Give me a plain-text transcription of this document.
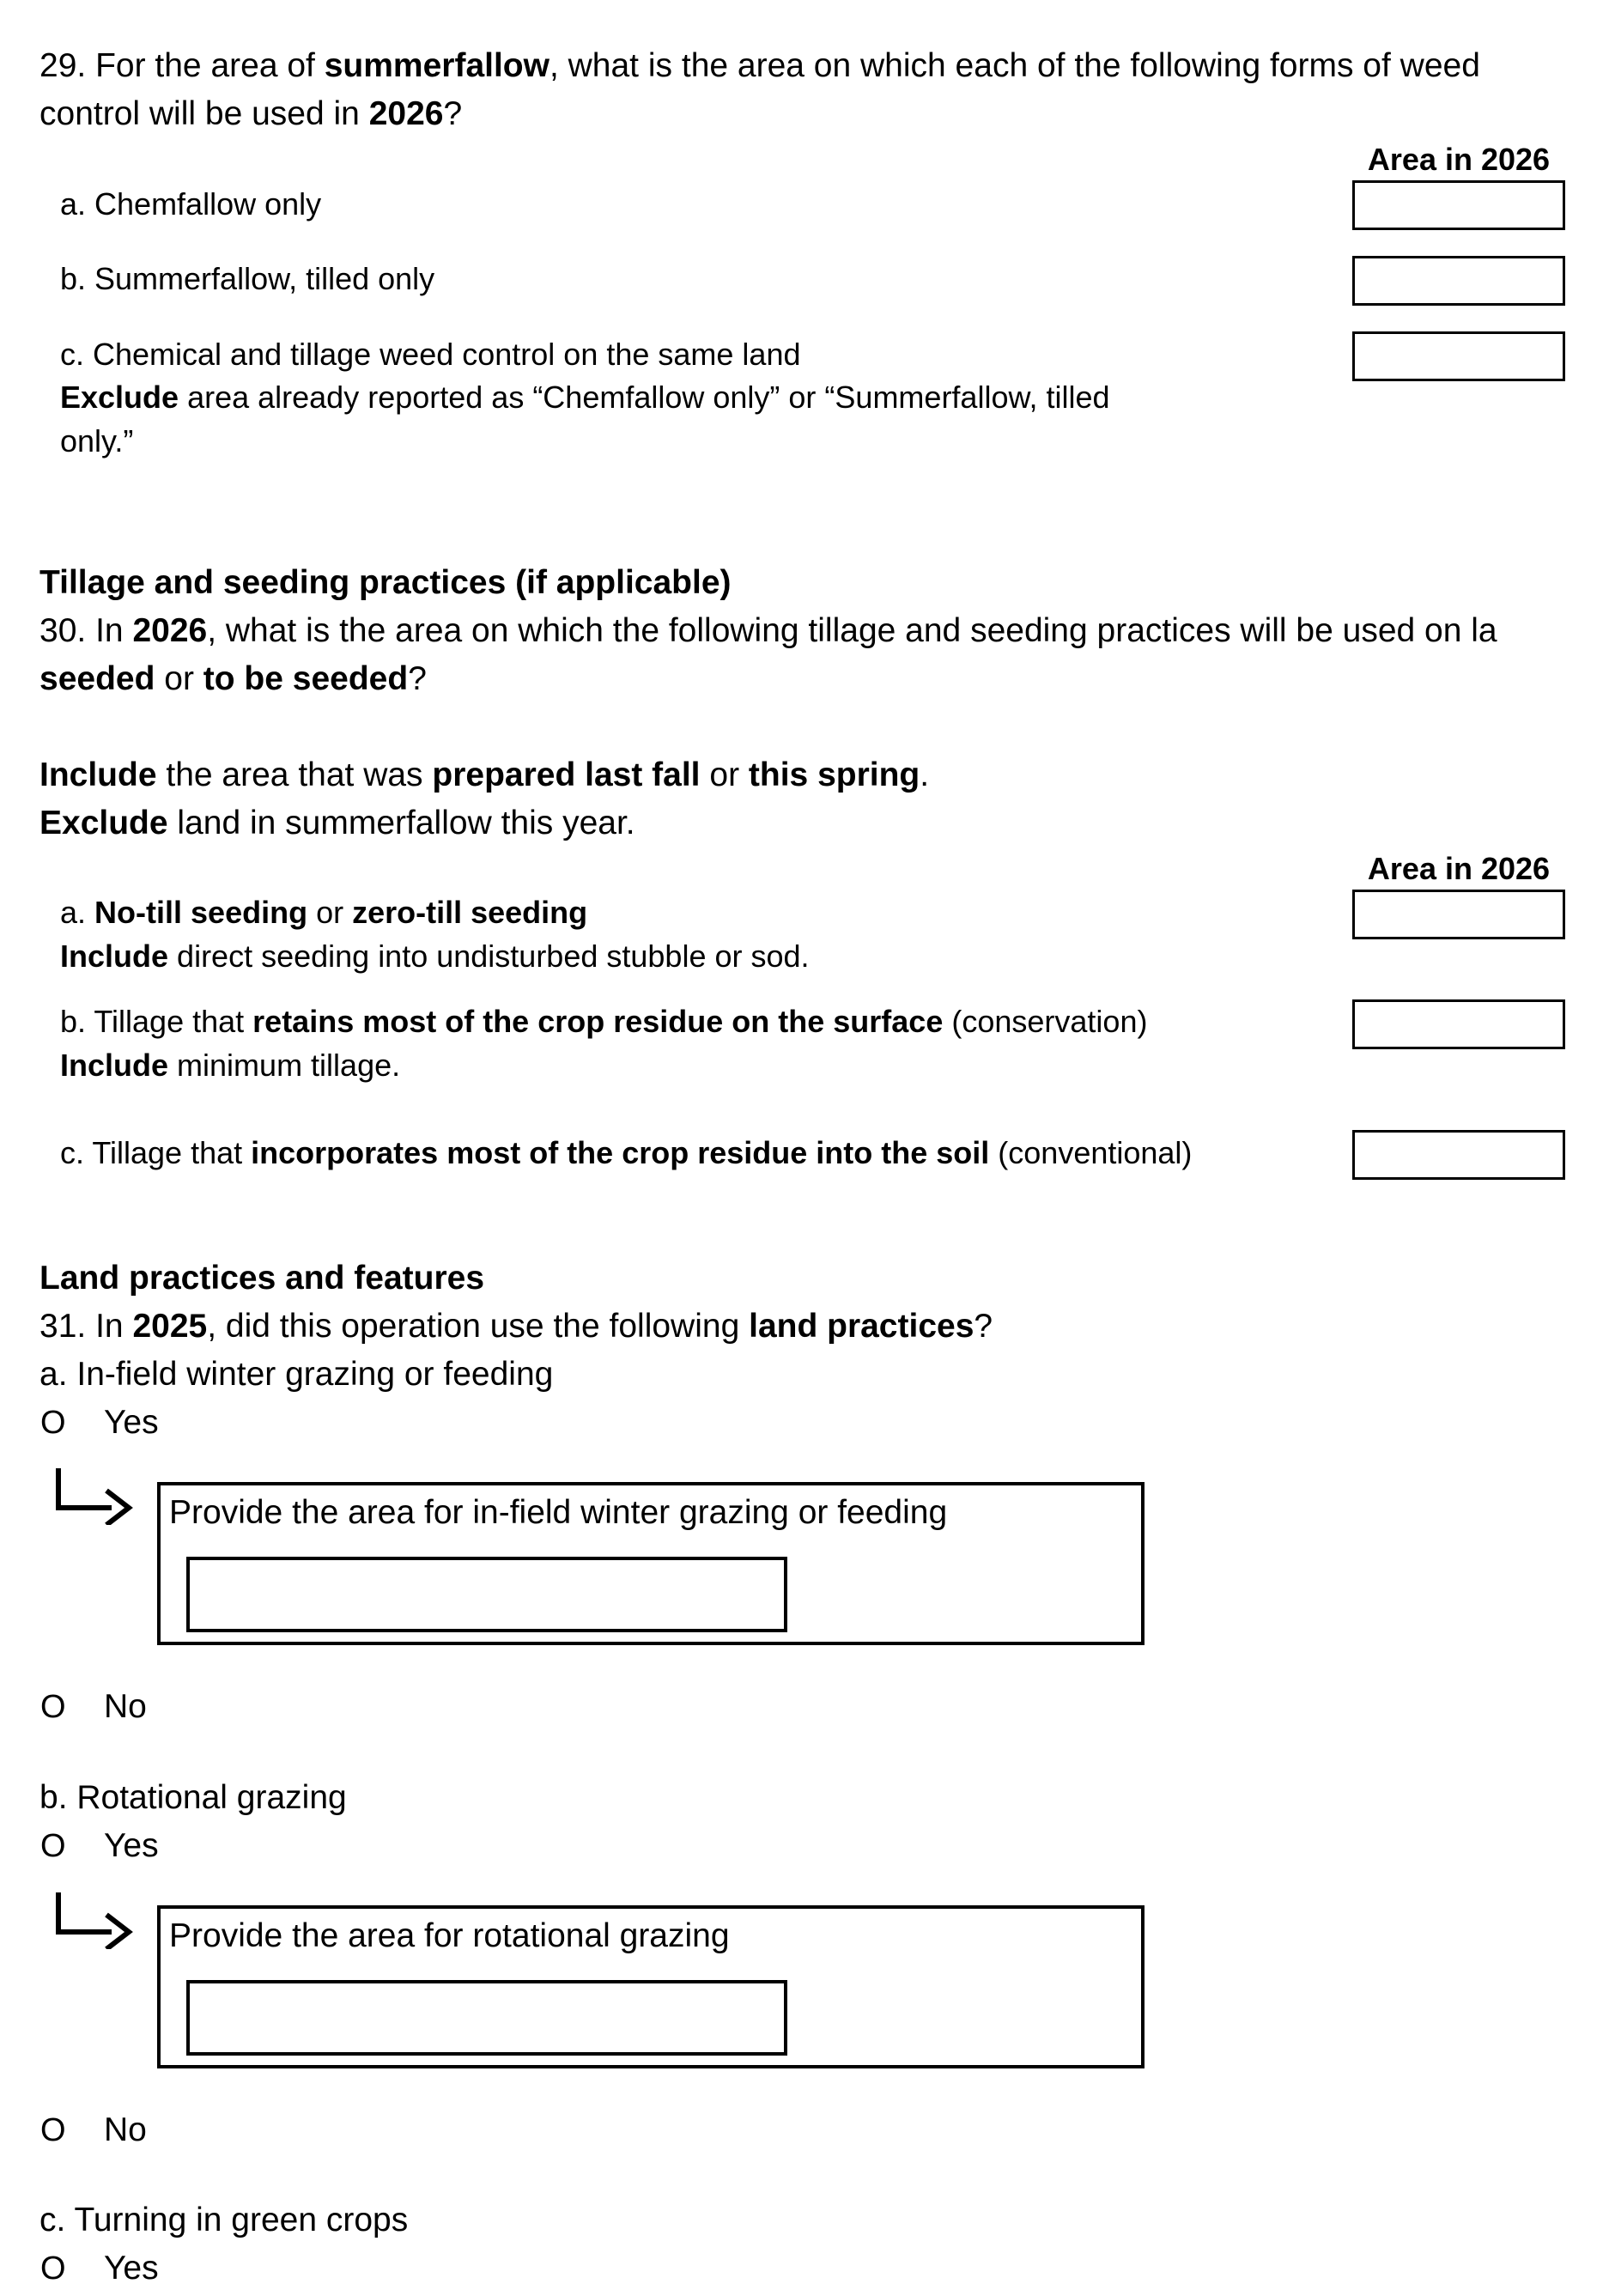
29. For the area of summerfallow, what is the area on which each of the following forms of weed
control will be used in 2026?
Area in 2026
a. Chemfallow only
b. Summerfallow, tilled only
c. Chemical and tillage weed control on the same land
Exclude area already reported as “Chemfallow only” or “Summerfallow, tilled
only.”
Tillage and seeding practices (if applicable)
30. In 2026, what is the area on which the following tillage and seeding practices will be used on la
seeded or to be seeded?
Include the area that was prepared last fall or this spring.
Exclude land in summerfallow this year.
Area in 2026
a. No-till seeding or zero-till seeding
Include direct seeding into undisturbed stubble or sod.
b. Tillage that retains most of the crop residue on the surface (conservation)
Include minimum tillage.
c. Tillage that incorporates most of the crop residue into the soil (conventional)
Land practices and features
31. In 2025, did this operation use the following land practices?
a. In-field winter grazing or feeding
O Yes
Provide the area for in-field winter grazing or feeding
O No
b. Rotational grazing
O Yes
Provide the area for rotational grazing
O No
c. Turning in green crops
O Yes
